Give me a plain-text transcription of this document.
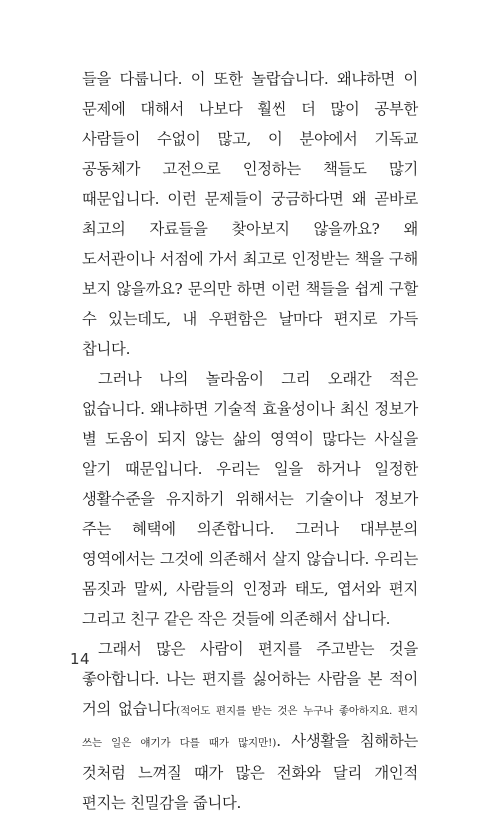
들을 다룹니다. 이 또한 놀랍습니다. 왜냐하면 이 문제에 대해서 나보다 훨씬 더 많이 공부한 사람들이 수없이 많고, 이 분야에서 기독교 공동체가 고전으로 인정하는 책들도 많기 때문입니다. 이런 문제들이 궁금하다면 왜 곧바로 최고의 자료들을 찾아보지 않을까요? 왜 도서관이나 서점에 가서 최고로 인정받는 책을 구해 보지 않을까요? 문의만 하면 이런 책들을 쉽게 구할 수 있는데도, 내 우편함은 날마다 편지로 가득 찹니다.

그러나 나의 놀라움이 그리 오래간 적은 없습니다. 왜냐하면 기술적 효율성이나 최신 정보가 별 도움이 되지 않는 삶의 영역이 많다는 사실을 알기 때문입니다. 우리는 일을 하거나 일정한 생활수준을 유지하기 위해서는 기술이나 정보가 주는 혜택에 의존합니다. 그러나 대부분의 영역에서는 그것에 의존해서 살지 않습니다. 우리는 몸짓과 말씨, 사람들의 인정과 태도, 엽서와 편지 그리고 친구 같은 작은 것들에 의존해서 삽니다.

그래서 많은 사람이 편지를 주고받는 것을 좋아합니다. 나는 편지를 싫어하는 사람을 본 적이 거의 없습니다(적어도 편지를 받는 것은 누구나 좋아하지요. 편지 쓰는 일은 얘기가 다를 때가 많지만!). 사생활을 침해하는 것처럼 느껴질 때가 많은 전화와 달리 개인적 편지는 친밀감을 줍니다.

14
